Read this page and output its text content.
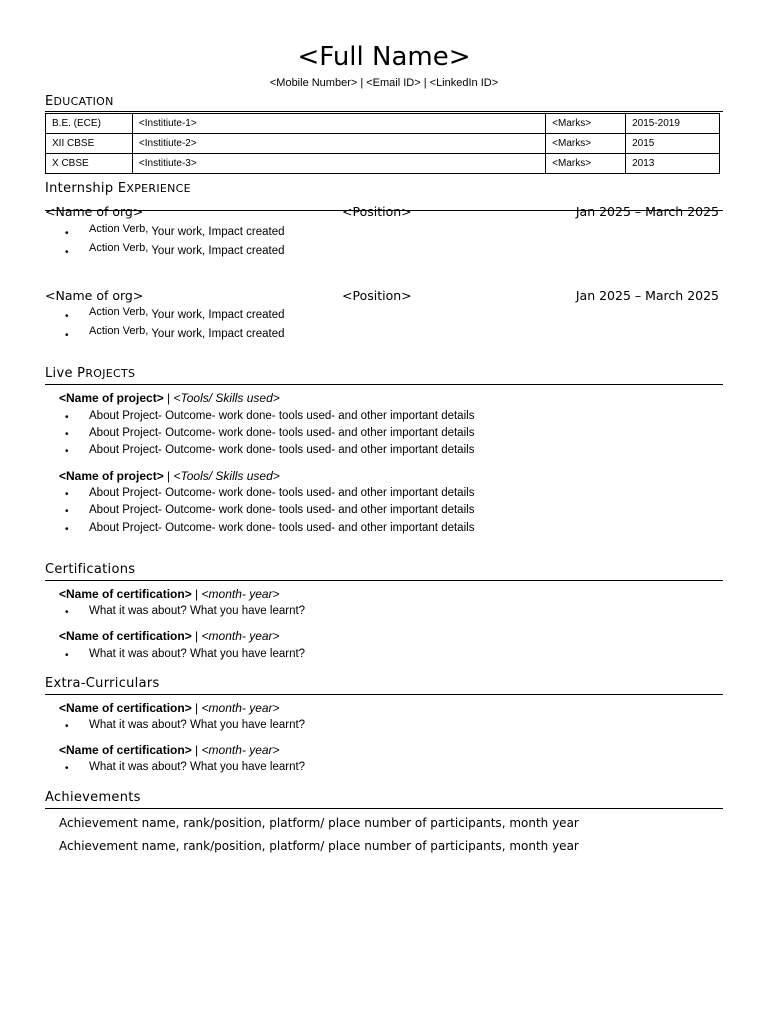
<Full Name>
<Mobile Number> | <Email ID> | <LinkedIn ID>
EDUCATION
B.E. (ECE)	<Institiute-1>	<Marks>	2015-2019
XII CBSE	<Institiute-2>	<Marks>	2015
X CBSE	<Institiute-3>	<Marks>	2013
Internship EXPERIENCE
<Name of org>	<Position>	Jan 2025 – March 2025
• Action Verb, Your work, Impact created
• Action Verb, Your work, Impact created
<Name of org>	<Position>	Jan 2025 – March 2025
• Action Verb, Your work, Impact created
• Action Verb, Your work, Impact created
Live PROJECTS
<Name of project> | <Tools/ Skills used>
• About Project- Outcome- work done- tools used- and other important details
• About Project- Outcome- work done- tools used- and other important details
• About Project- Outcome- work done- tools used- and other important details
<Name of project> | <Tools/ Skills used>
• About Project- Outcome- work done- tools used- and other important details
• About Project- Outcome- work done- tools used- and other important details
• About Project- Outcome- work done- tools used- and other important details
Certifications
<Name of certification> | <month- year>
• What it was about? What you have learnt?
<Name of certification> | <month- year>
• What it was about? What you have learnt?
Extra-Curriculars
<Name of certification> | <month- year>
• What it was about? What you have learnt?
<Name of certification> | <month- year>
• What it was about? What you have learnt?
Achievements
Achievement name, rank/position, platform/ place number of participants, month year
Achievement name, rank/position, platform/ place number of participants, month year
